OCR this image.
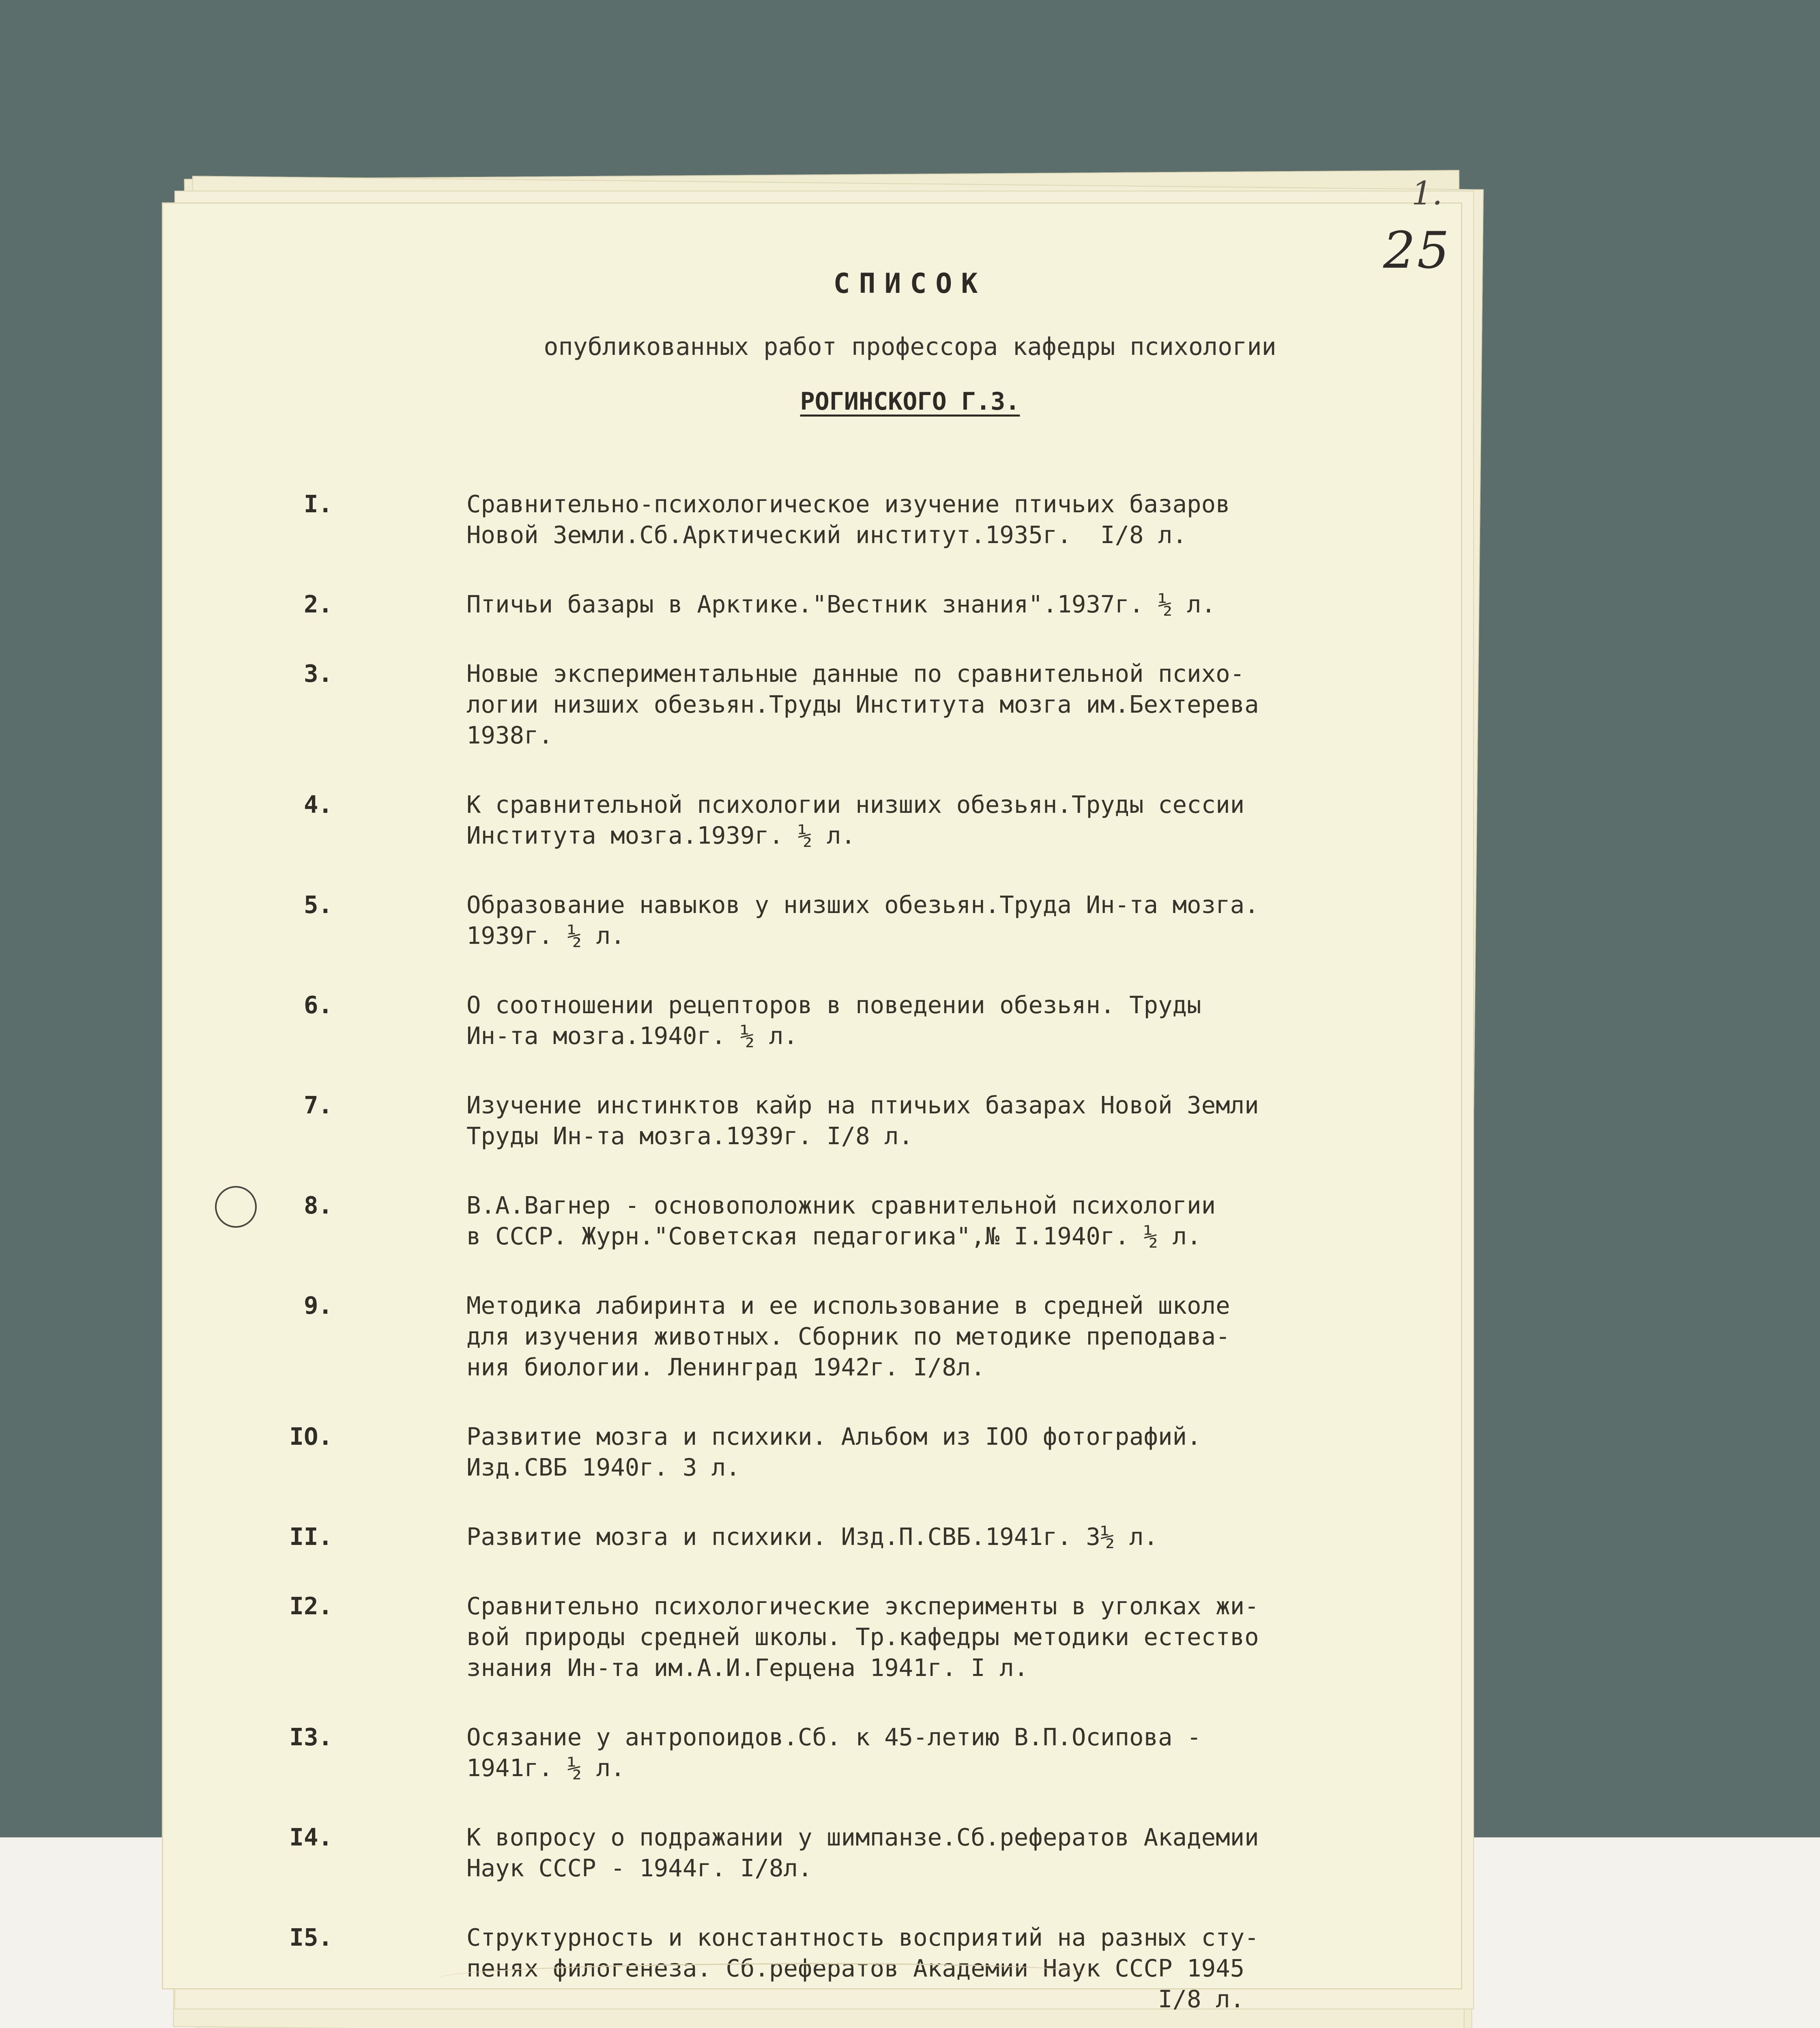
1.
25
СПИСОК
опубликованных работ профессора кафедры психологии
РОГИНСКОГО Г.З.
I.	Сравнительно-психологическое изучение птичьих базаров
Новой Земли.Сб.Арктический институт.1935г.  I/8 л.
2.	Птичьи базары в Арктике."Вестник знания".1937г. ½ л.
3.	Новые экспериментальные данные по сравнительной психо-
логии низших обезьян.Труды Института мозга им.Бехтерева
1938г.
4.	К сравнительной психологии низших обезьян.Труды сессии
Института мозга.1939г. ½ л.
5.	Образование навыков у низших обезьян.Труда Ин-та мозга.
1939г. ½ л.
6.	О соотношении рецепторов в поведении обезьян. Труды
Ин-та мозга.1940г. ½ л.
7.	Изучение инстинктов кайр на птичьих базарах Новой Земли
Труды Ин-та мозга.1939г. I/8 л.
8.	В.А.Вагнер - основоположник сравнительной психологии
в СССР. Журн."Советская педагогика",№ I.1940г. ½ л.
9.	Методика лабиринта и ее использование в средней школе
для изучения животных. Сборник по методике преподава-
ния биологии. Ленинград 1942г. I/8л.
IO.	Развитие мозга и психики. Альбом из IOO фотографий.
Изд.СВБ 1940г. 3 л.
II.	Развитие мозга и психики. Изд.П.СВБ.1941г. 3½ л.
I2.	Сравнительно психологические эксперименты в уголках жи-
вой природы средней школы. Тр.кафедры методики естество
знания Ин-та им.А.И.Герцена 1941г. I л.
I3.	Осязание у антропоидов.Сб. к 45-летию В.П.Осипова -
1941г. ½ л.
I4.	К вопросу о подражании у шимпанзе.Сб.рефератов Академии
Наук СССР - 1944г. I/8л.
I5.	Структурность и константность восприятий на разных сту-
пенях филогенеза. Сб.рефератов Академии Наук СССР 1945
I/8 л.
